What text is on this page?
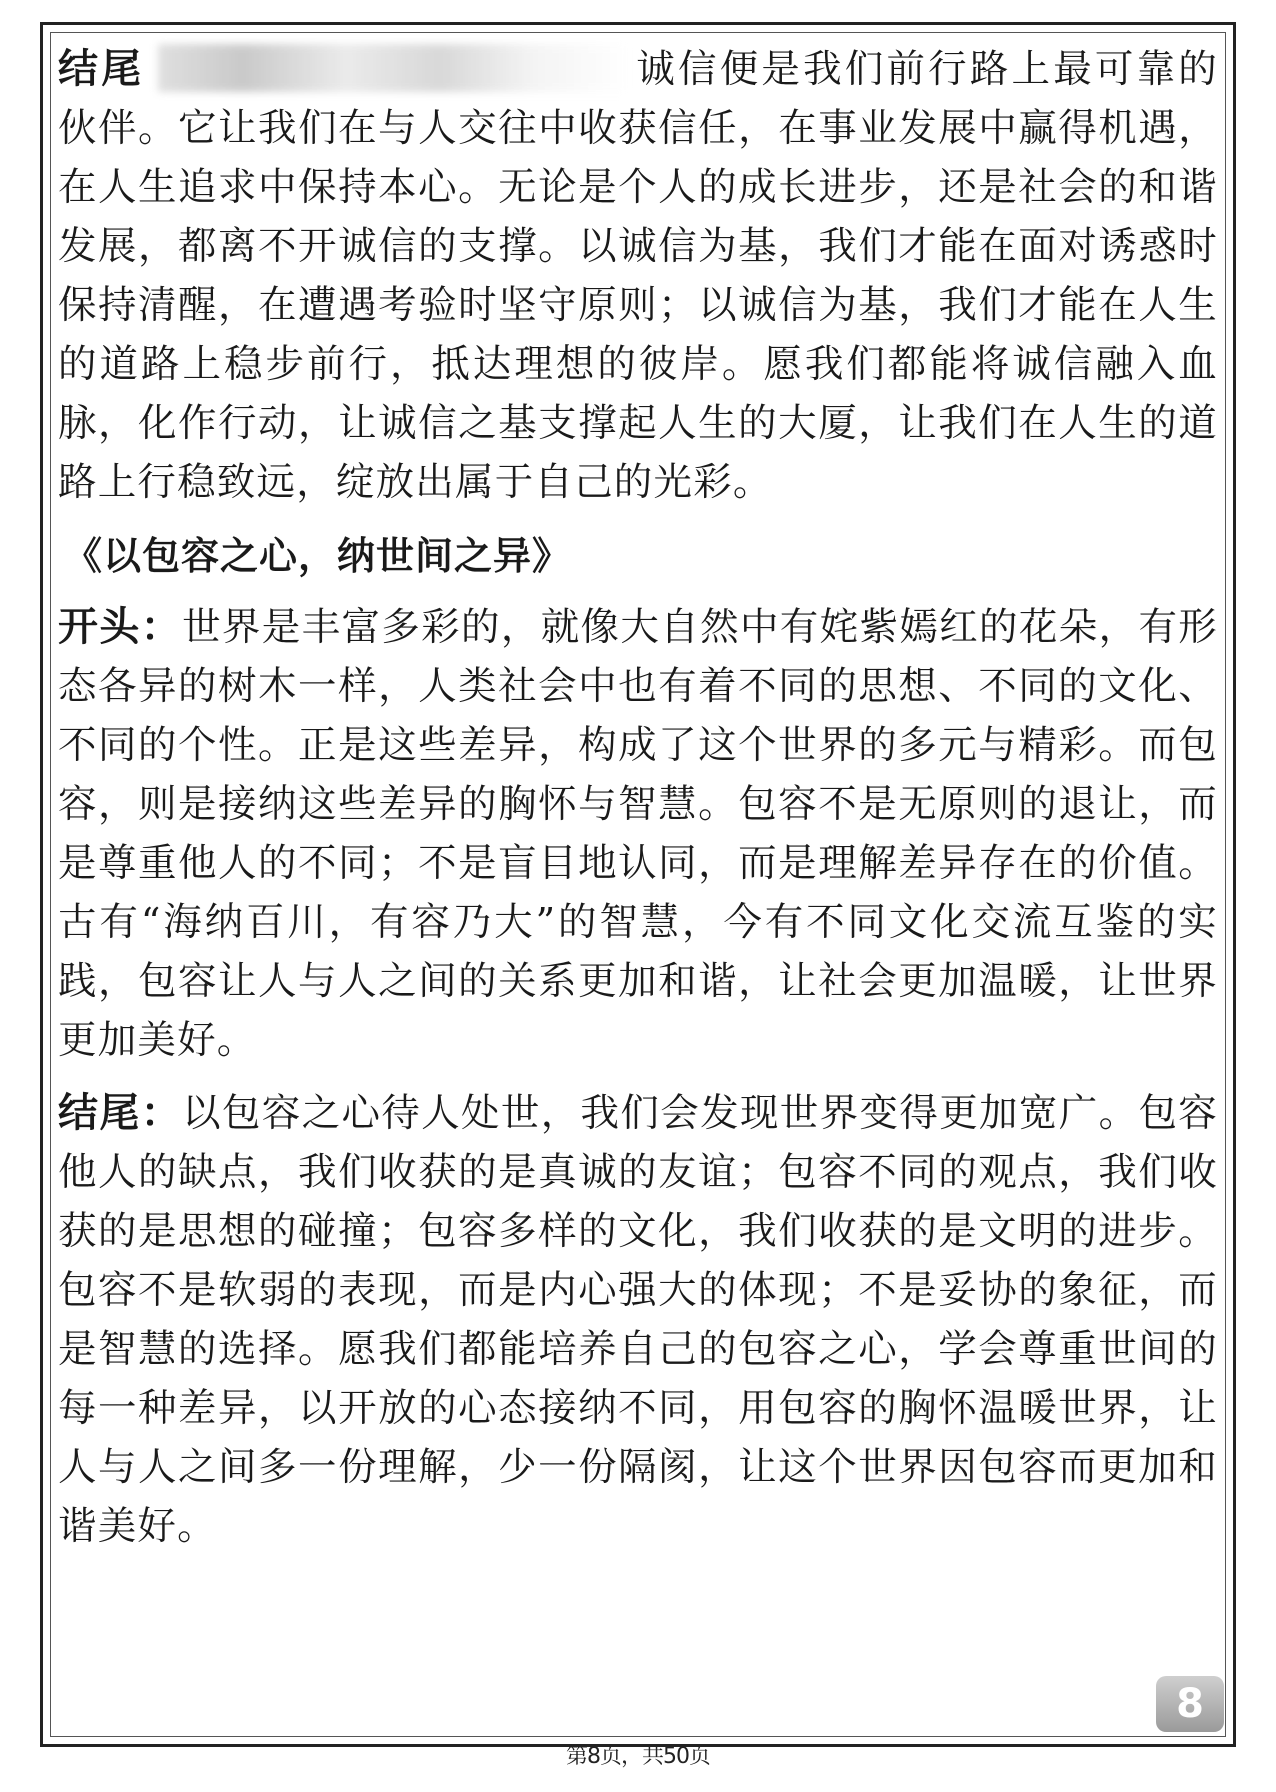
结尾	诚信便是我们前行路上最可靠的伙伴。它让我们在与人交往中收获信任，在事业发展中赢得机遇，在人生追求中保持本心。无论是个人的成长进步，还是社会的和谐发展，都离不开诚信的支撑。以诚信为基，我们才能在面对诱惑时保持清醒，在遭遇考验时坚守原则；以诚信为基，我们才能在人生的道路上稳步前行，抵达理想的彼岸。愿我们都能将诚信融入血脉，化作行动，让诚信之基支撑起人生的大厦，让我们在人生的道路上行稳致远，绽放出属于自己的光彩。

《以包容之心，纳世间之异》

开头：世界是丰富多彩的，就像大自然中有姹紫嫣红的花朵，有形态各异的树木一样，人类社会中也有着不同的思想、不同的文化、不同的个性。正是这些差异，构成了这个世界的多元与精彩。而包容，则是接纳这些差异的胸怀与智慧。包容不是无原则的退让，而是尊重他人的不同；不是盲目地认同，而是理解差异存在的价值。古有“海纳百川，有容乃大”的智慧，今有不同文化交流互鉴的实践，包容让人与人之间的关系更加和谐，让社会更加温暖，让世界更加美好。

结尾：以包容之心待人处世，我们会发现世界变得更加宽广。包容他人的缺点，我们收获的是真诚的友谊；包容不同的观点，我们收获的是思想的碰撞；包容多样的文化，我们收获的是文明的进步。包容不是软弱的表现，而是内心强大的体现；不是妥协的象征，而是智慧的选择。愿我们都能培养自己的包容之心，学会尊重世间的每一种差异，以开放的心态接纳不同，用包容的胸怀温暖世界，让人与人之间多一份理解，少一份隔阂，让这个世界因包容而更加和谐美好。

8
第8页，共50页
